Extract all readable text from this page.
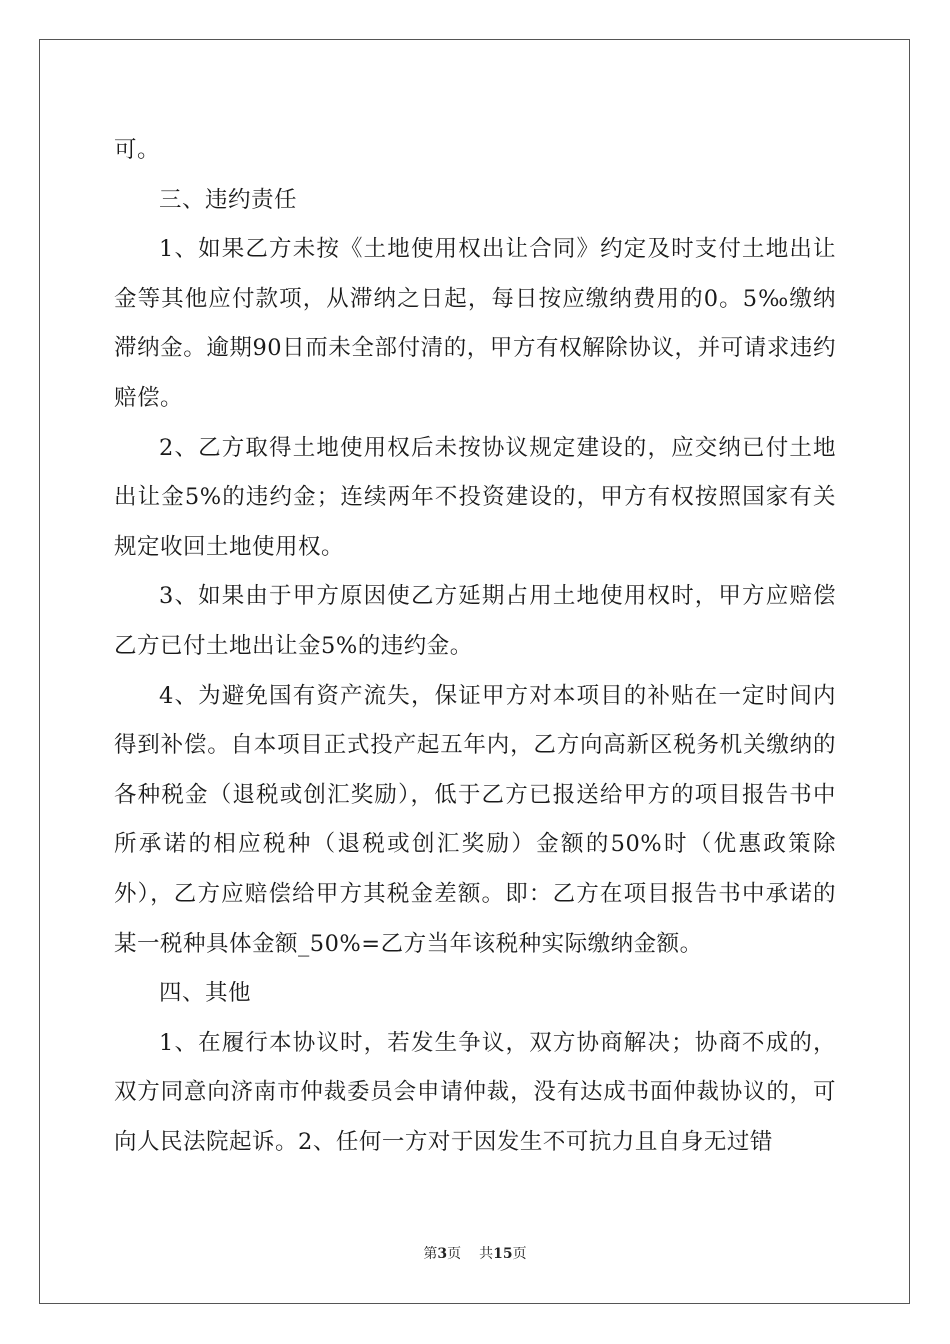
可。

三、违约责任

1、如果乙方未按《土地使用权出让合同》约定及时支付土地出让金等其他应付款项，从滞纳之日起，每日按应缴纳费用的0。5‰缴纳滞纳金。逾期90日而未全部付清的，甲方有权解除协议，并可请求违约赔偿。

2、乙方取得土地使用权后未按协议规定建设的，应交纳已付土地出让金5%的违约金；连续两年不投资建设的，甲方有权按照国家有关规定收回土地使用权。

3、如果由于甲方原因使乙方延期占用土地使用权时，甲方应赔偿乙方已付土地出让金5%的违约金。

4、为避免国有资产流失，保证甲方对本项目的补贴在一定时间内得到补偿。自本项目正式投产起五年内，乙方向高新区税务机关缴纳的各种税金（退税或创汇奖励），低于乙方已报送给甲方的项目报告书中所承诺的相应税种（退税或创汇奖励）金额的50%时（优惠政策除外），乙方应赔偿给甲方其税金差额。即：乙方在项目报告书中承诺的某一税种具体金额_50%=乙方当年该税种实际缴纳金额。

四、其他

1、在履行本协议时，若发生争议，双方协商解决；协商不成的，双方同意向济南市仲裁委员会申请仲裁，没有达成书面仲裁协议的，可向人民法院起诉。2、任何一方对于因发生不可抗力且自身无过错

第3页 共15页
